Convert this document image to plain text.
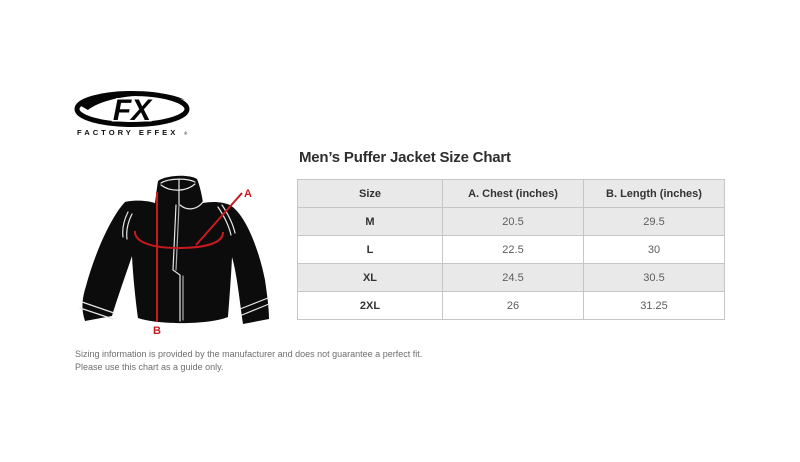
FX
FACTORY EFFEX ®
A
B
Men’s Puffer Jacket Size Chart
Size	A. Chest (inches)	B. Length (inches)
M	20.5	29.5
L	22.5	30
XL	24.5	30.5
2XL	26	31.25
Sizing information is provided by the manufacturer and does not guarantee a perfect fit.
Please use this chart as a guide only.
